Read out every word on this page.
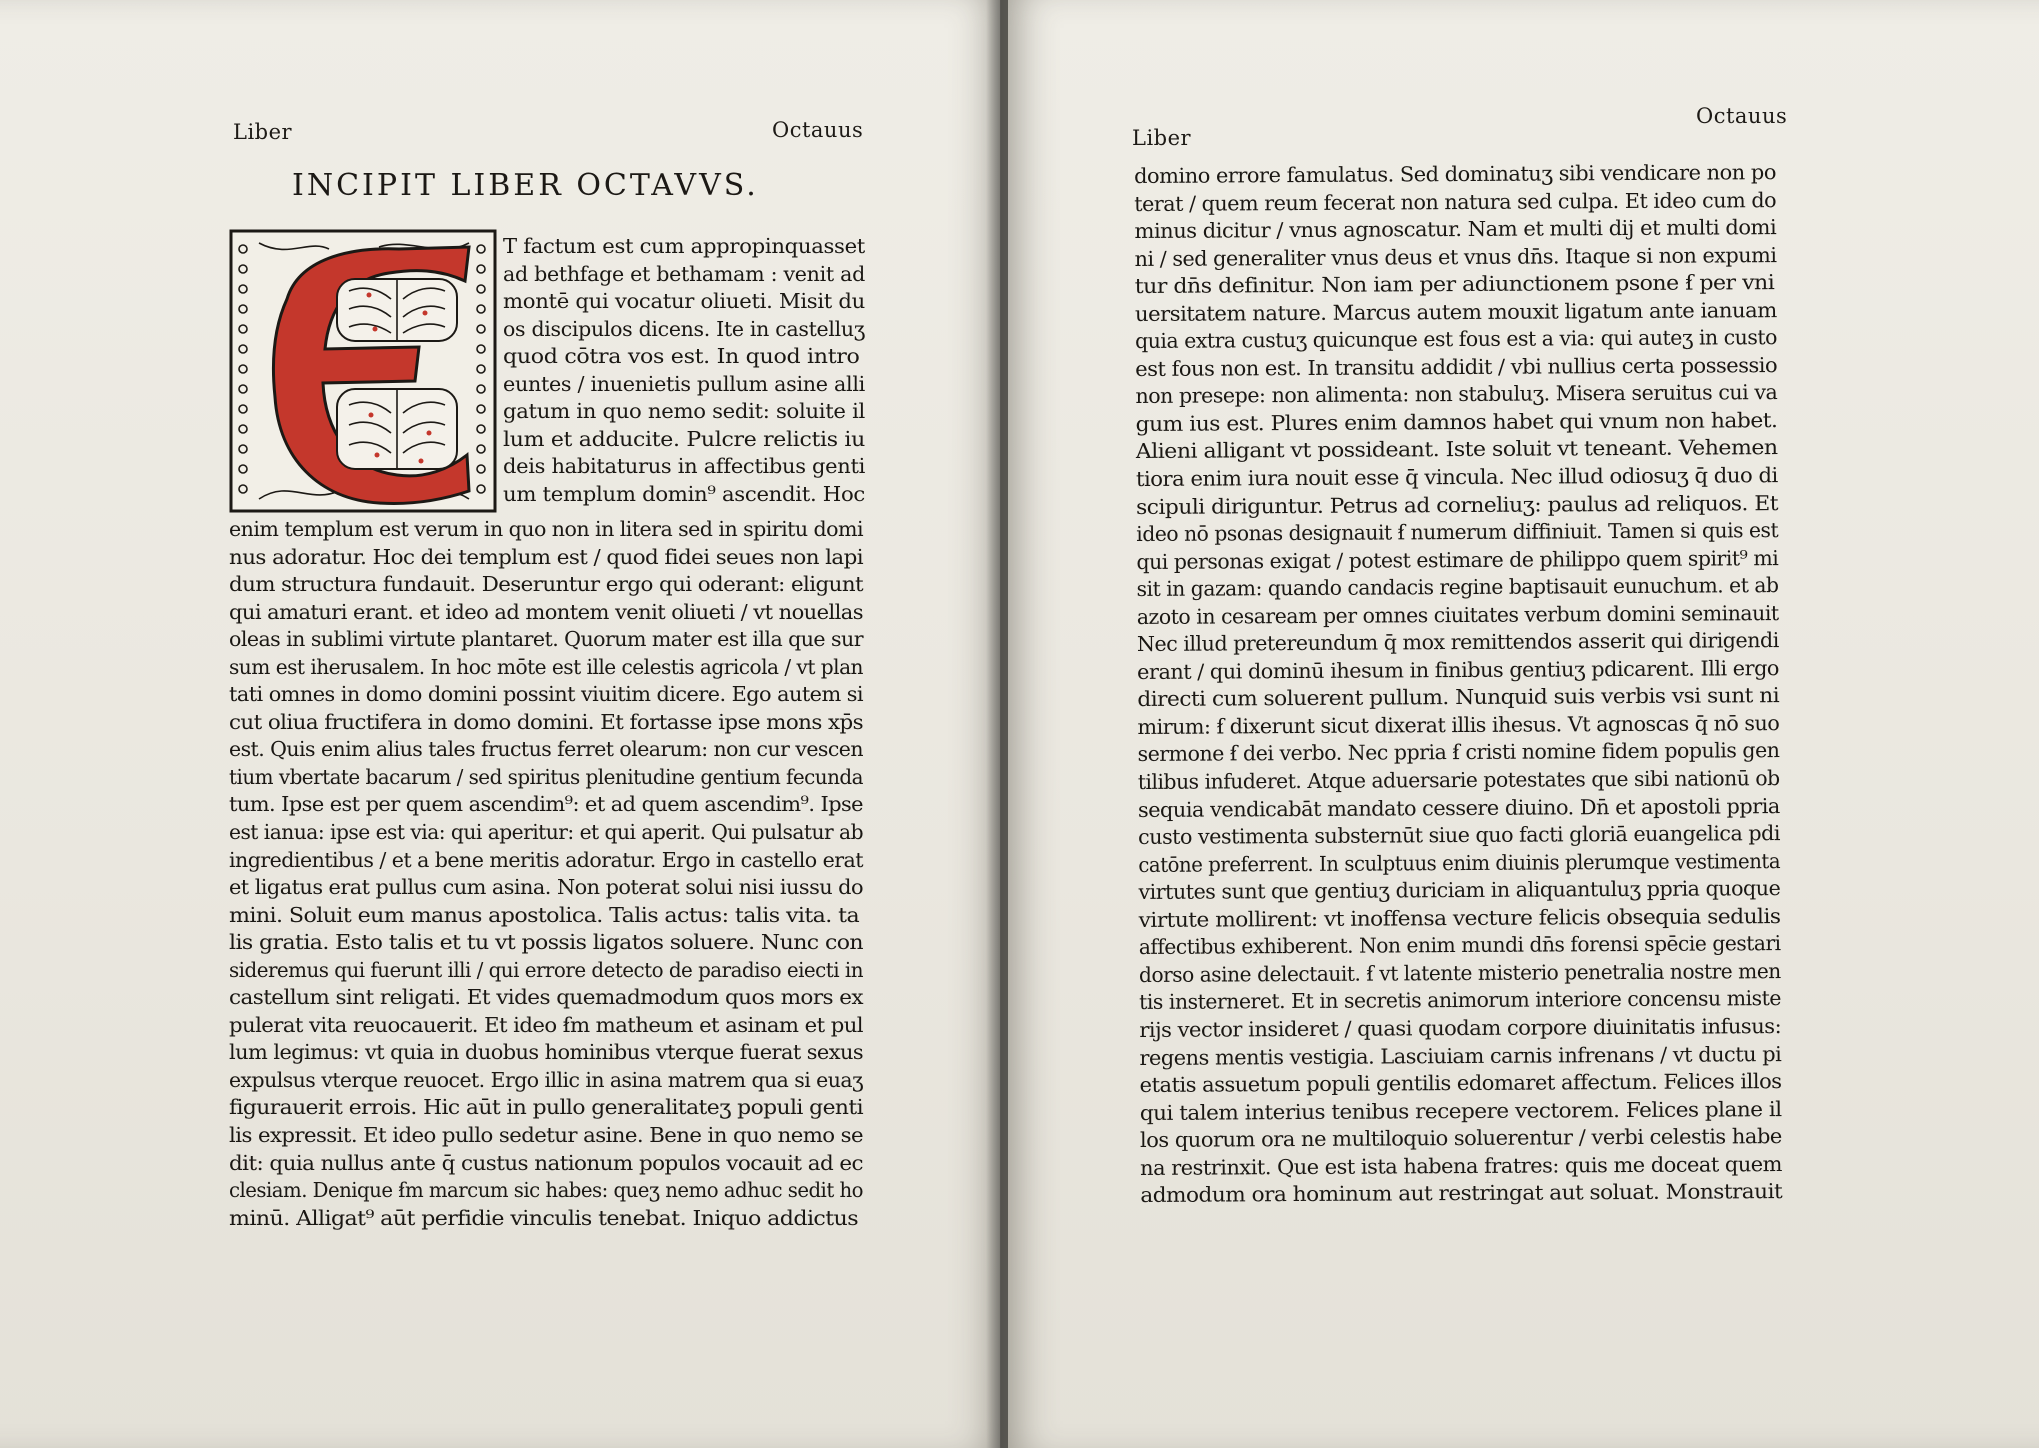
Liber	Octauus
INCIPIT LIBER OCTAVVS.
T factum est cum appropinquasset
ad bethfage et bethamam : venit ad
montē qui vocatur oliueti. Misit du
os discipulos dicens. Ite in castelluʒ
quod cōtra vos est. In quod intro
euntes / inuenietis pullum asine alli
gatum in quo nemo sedit: soluite il
lum et adducite. Pulcre relictis iu
deis habitaturus in affectibus genti
um templum domin⁹ ascendit. Hoc
enim templum est verum in quo non in litera sed in spiritu domi
nus adoratur. Hoc dei templum est / quod fidei seues non lapi
dum structura fundauit. Deseruntur ergo qui oderant: eligunt
qui amaturi erant. et ideo ad montem venit oliueti / vt nouellas
oleas in sublimi virtute plantaret. Quorum mater est illa que sur
sum est iherusalem. In hoc mōte est ille celestis agricola / vt plan
tati omnes in domo domini possint viuitim dicere. Ego autem si
cut oliua fructifera in domo domini. Et fortasse ipse mons xp̄s
est. Quis enim alius tales fructus ferret olearum: non cur vescen
tium vbertate bacarum / sed spiritus plenitudine gentium fecunda
tum. Ipse est per quem ascendim⁹: et ad quem ascendim⁹. Ipse
est ianua: ipse est via: qui aperitur: et qui aperit. Qui pulsatur ab
ingredientibus / et a bene meritis adoratur. Ergo in castello erat
et ligatus erat pullus cum asina. Non poterat solui nisi iussu do
mini. Soluit eum manus apostolica. Talis actus: talis vita. ta
lis gratia. Esto talis et tu vt possis ligatos soluere. Nunc con
sideremus qui fuerunt illi / qui errore detecto de paradiso eiecti in
castellum sint religati. Et vides quemadmodum quos mors ex
pulerat vita reuocauerit. Et ideo ẜm matheum et asinam et pul
lum legimus: vt quia in duobus hominibus vterque fuerat sexus
expulsus vterque reuocet. Ergo illic in asina matrem qua si euaʒ
figurauerit errois. Hic aūt in pullo generalitateʒ populi genti
lis expressit. Et ideo pullo sedetur asine. Bene in quo nemo se
dit: quia nullus ante q̄ custus nationum populos vocauit ad ec
clesiam. Denique ẜm marcum sic habes: queʒ nemo adhuc sedit ho
minū. Alligat⁹ aūt perfidie vinculis tenebat. Iniquo addictus
Liber
Octauus
domino errore famulatus. Sed dominatuʒ sibi vendicare non po
terat / quem reum fecerat non natura sed culpa. Et ideo cum do
minus dicitur / vnus agnoscatur. Nam et multi dij et multi domi
ni / sed generaliter vnus deus et vnus dn̄s. Itaque si non expumi
tur dn̄s definitur. Non iam per adiunctionem psone ẜ per vni
uersitatem nature. Marcus autem mouxit ligatum ante ianuam
quia extra custuʒ quicunque est fous est a via: qui auteʒ in custo
est fous non est. In transitu addidit / vbi nullius certa possessio
non presepe: non alimenta: non stabuluʒ. Misera seruitus cui va
gum ius est. Plures enim damnos habet qui vnum non habet.
Alieni alligant vt possideant. Iste soluit vt teneant. Vehemen
tiora enim iura nouit esse q̄ vincula. Nec illud odiosuʒ q̄ duo di
scipuli diriguntur. Petrus ad corneliuʒ: paulus ad reliquos. Et
ideo nō psonas designauit ẜ numerum diffiniuit. Tamen si quis est
qui personas exigat / potest estimare de philippo quem spirit⁹ mi
sit in gazam: quando candacis regine baptisauit eunuchum. et ab
azoto in cesaream per omnes ciuitates verbum domini seminauit
Nec illud pretereundum q̄ mox remittendos asserit qui dirigendi
erant / qui dominū ihesum in finibus gentiuʒ pdicarent. Illi ergo
directi cum soluerent pullum. Nunquid suis verbis vsi sunt ni
mirum: ẜ dixerunt sicut dixerat illis ihesus. Vt agnoscas q̄ nō suo
sermone ẜ dei verbo. Nec ppria ẜ cristi nomine fidem populis gen
tilibus infuderet. Atque aduersarie potestates que sibi nationū ob
sequia vendicabāt mandato cessere diuino. Dn̄ et apostoli ppria
custo vestimenta substernūt siue quo facti gloriā euangelica pdi
catōne preferrent. In sculptuus enim diuinis plerumque vestimenta
virtutes sunt que gentiuʒ duriciam in aliquantuluʒ ppria quoque
virtute mollirent: vt inoffensa vecture felicis obsequia sedulis
affectibus exhiberent. Non enim mundi dn̄s forensi spēcie gestari
dorso asine delectauit. ẜ vt latente misterio penetralia nostre men
tis insterneret. Et in secretis animorum interiore concensu miste
rijs vector insideret / quasi quodam corpore diuinitatis infusus:
regens mentis vestigia. Lasciuiam carnis infrenans / vt ductu pi
etatis assuetum populi gentilis edomaret affectum. Felices illos
qui talem interius tenibus recepere vectorem. Felices plane il
los quorum ora ne multiloquio soluerentur / verbi celestis habe
na restrinxit. Que est ista habena fratres: quis me doceat quem
admodum ora hominum aut restringat aut soluat. Monstrauit
